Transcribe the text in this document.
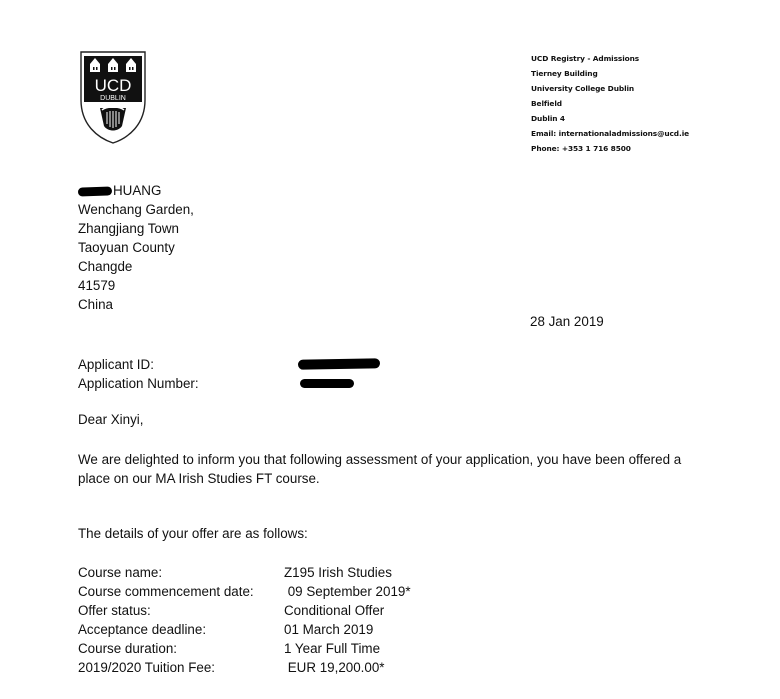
UCD
DUBLIN
UCD Registry - Admissions
Tierney Building
University College Dublin
Belfield
Dublin 4
Email: internationaladmissions@ucd.ie
Phone: +353 1 716 8500
HUANG
Wenchang Garden,
Zhangjiang Town
Taoyuan County
Changde
41579
China
28 Jan 2019
Applicant ID:
Application Number:
Dear Xinyi,
We are delighted to inform you that following assessment of your application, you have been offered a
place on our MA Irish Studies FT course.
The details of your offer are as follows:
Course name:	Z195 Irish Studies
Course commencement date:	09 September 2019*
Offer status:	Conditional Offer
Acceptance deadline:	01 March 2019
Course duration:	1 Year Full Time
2019/2020 Tuition Fee:	EUR 19,200.00*
